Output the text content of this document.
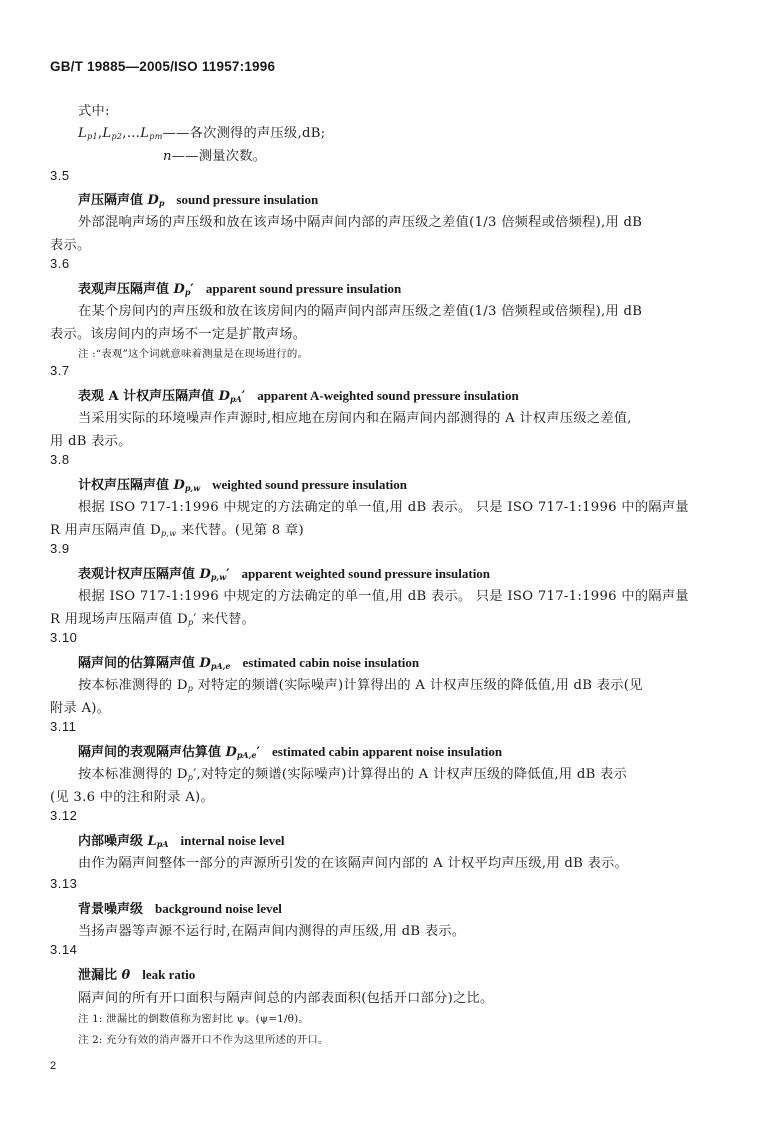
GB/T 19885—2005/ISO 11957:1996
式中:
$L_{p1},L_{p2},\dots L_{pm}——$各次测得的声压级,dB;
n——测量次数。
3.5
声压隔声值 $D_p$ sound pressure insulation
外部混响声场的声压级和放在该声场中隔声间内部的声压级之差值(1/3 倍频程或倍频程),用 dB
表示。
3.6
表观声压隔声值 $D_p'$ apparent sound pressure insulation
在某个房间内的声压级和放在该房间内的隔声间内部声压级之差值(1/3 倍频程或倍频程),用 dB
表示。该房间内的声场不一定是扩散声场。
注 :“表观”这个词就意味着测量是在现场进行的。
3.7
表观 A 计权声压隔声值 $D_{pA}'$ apparent A-weighted sound pressure insulation
当采用实际的环境噪声作声源时,相应地在房间内和在隔声间内部测得的 A 计权声压级之差值,
用 dB 表示。
3.8
计权声压隔声值 $D_{p,w}$ weighted sound pressure insulation
根据 ISO 717-1:1996 中规定的方法确定的单一值,用 dB 表示。 只是 ISO 717-1:1996 中的隔声量
R 用声压隔声值 $D_{p,w}$ 来代替。(见第 8 章)
3.9
表观计权声压隔声值 $D_{p,w}'$ apparent weighted sound pressure insulation
根据 ISO 717-1:1996 中规定的方法确定的单一值,用 dB 表示。 只是 ISO 717-1:1996 中的隔声量
R 用现场声压隔声值 $D_p'$ 来代替。
3.10
隔声间的估算隔声值 $D_{pA,e}$ estimated cabin noise insulation
按本标准测得的 $D_p$ 对特定的频谱(实际噪声)计算得出的 A 计权声压级的降低值,用 dB 表示(见
附录 A)。
3.11
隔声间的表观隔声估算值 $D_{pA,e}'$ estimated cabin apparent noise insulation
按本标准测得的 $D_p'$,对特定的频谱(实际噪声)计算得出的 A 计权声压级的降低值,用 dB 表示
(见 3.6 中的注和附录 A)。
3.12
内部噪声级 $L_{pA}$ internal noise level
由作为隔声间整体一部分的声源所引发的在该隔声间内部的 A 计权平均声压级,用 dB 表示。
3.13
背景噪声级 background noise level
当扬声器等声源不运行时,在隔声间内测得的声压级,用 dB 表示。
3.14
泄漏比 θ leak ratio
隔声间的所有开口面积与隔声间总的内部表面积(包括开口部分)之比。
注 1: 泄漏比的倒数值称为密封比 ψ。(ψ=1/θ)。
注 2: 充分有效的消声器开口不作为这里所述的开口。
2
